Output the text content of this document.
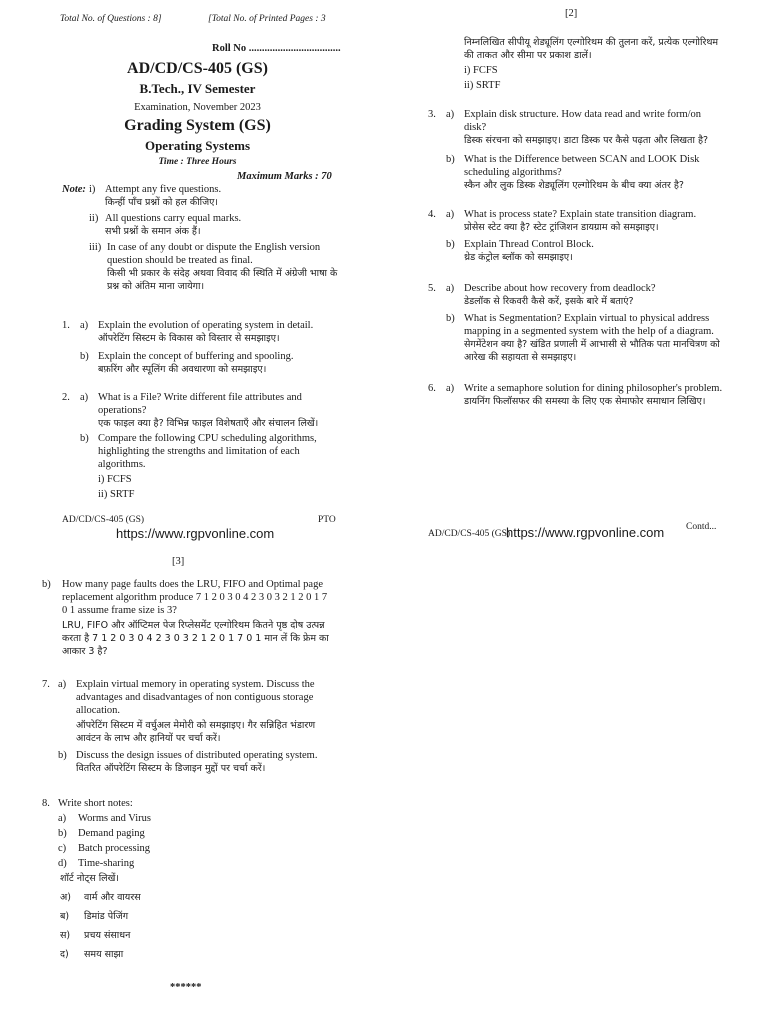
Total No. of Questions : 8]	[Total No. of Printed Pages : 3
Roll No ...................................
AD/CD/CS-405 (GS)
B.Tech., IV Semester
Examination, November 2023
Grading System (GS)
Operating Systems
Time : Three Hours
Maximum Marks : 70
Note: i) Attempt any five questions.
किन्हीं पाँच प्रश्नों को हल कीजिए।
ii) All questions carry equal marks.
सभी प्रश्नों के समान अंक हैं।
iii) In case of any doubt or dispute the English version question should be treated as final.
किसी भी प्रकार के संदेह अथवा विवाद की स्थिति में अंग्रेजी भाषा के प्रश्न को अंतिम माना जायेगा।
1. a) Explain the evolution of operating system in detail.
ऑपरेटिंग सिस्टम के विकास को विस्तार से समझाइए।
b) Explain the concept of buffering and spooling.
बफ़रिंग और स्पूलिंग की अवधारणा को समझाइए।
2. a) What is a File? Write different file attributes and operations?
एक फाइल क्या है? विभिन्न फाइल विशेषताएँ और संचालन लिखें।
b) Compare the following CPU scheduling algorithms, highlighting the strengths and limitation of each algorithms.
i) FCFS
ii) SRTF
AD/CD/CS-405 (GS)	PTO
https://www.rgpvonline.com
[2]
निम्नलिखित सीपीयू शेड्यूलिंग एल्गोरिथम की तुलना करें, प्रत्येक एल्गोरिथम की ताकत और सीमा पर प्रकाश डालें।
i) FCFS
ii) SRTF
3. a) Explain disk structure. How data read and write form/on disk?
डिस्क संरचना को समझाइए। डाटा डिस्क पर कैसे पढ़ता और लिखता है?
b) What is the Difference between SCAN and LOOK Disk scheduling algorithms?
स्कैन और लुक डिस्क शेड्यूलिंग एल्गोरिथम के बीच क्या अंतर है?
4. a) What is process state? Explain state transition diagram.
प्रोसेस स्टेट क्या है? स्टेट ट्रांजिशन डायग्राम को समझाइए।
b) Explain Thread Control Block.
थ्रेड कंट्रोल ब्लॉक को समझाइए।
5. a) Describe about how recovery from deadlock?
डेडलॉक से रिकवरी कैसे करें, इसके बारे में बताएं?
b) What is Segmentation? Explain virtual to physical address mapping in a segmented system with the help of a diagram.
सेगमेंटेशन क्या है? खंडित प्रणाली में आभासी से भौतिक पता मानचित्रण को आरेख की सहायता से समझाइए।
6. a) Write a semaphore solution for dining philosopher's problem.
डायनिंग फिलॉसफर की समस्या के लिए एक सेमाफोर समाधान लिखिए।
AD/CD/CS-405 (GS)
https://www.rgpvonline.com Contd...
[3]
b)	How many page faults does the LRU, FIFO and Optimal page replacement algorithm produce 7 1 2 0 3 0 4 2 3 0 3 2 1 2 0 1 7 0 1 assume frame size is 3?
LRU, FIFO और ऑप्टिमल पेज रिप्लेसमेंट एल्गोरिथम कितने पृष्ठ दोष उत्पन्न करता है 7 1 2 0 3 0 4 2 3 0 3 2 1 2 0 1 7 0 1 मान लें कि फ्रेम का आकार 3 है?
7. a) Explain virtual memory in operating system. Discuss the advantages and disadvantages of non contiguous storage allocation.
ऑपरेटिंग सिस्टम में वर्चुअल मेमोरी को समझाइए। गैर सन्निहित भंडारण आवंटन के लाभ और हानियों पर चर्चा करें।
b) Discuss the design issues of distributed operating system.
वितरित ऑपरेटिंग सिस्टम के डिजाइन मुद्दों पर चर्चा करें।
8. Write short notes:
a) Worms and Virus
b) Demand paging
c) Batch processing
d) Time-sharing
शॉर्ट नोट्स लिखें।
अ) वार्म और वायरस
ब) डिमांड पेजिंग
स) प्रचय संसाधन
द) समय साझा
******
